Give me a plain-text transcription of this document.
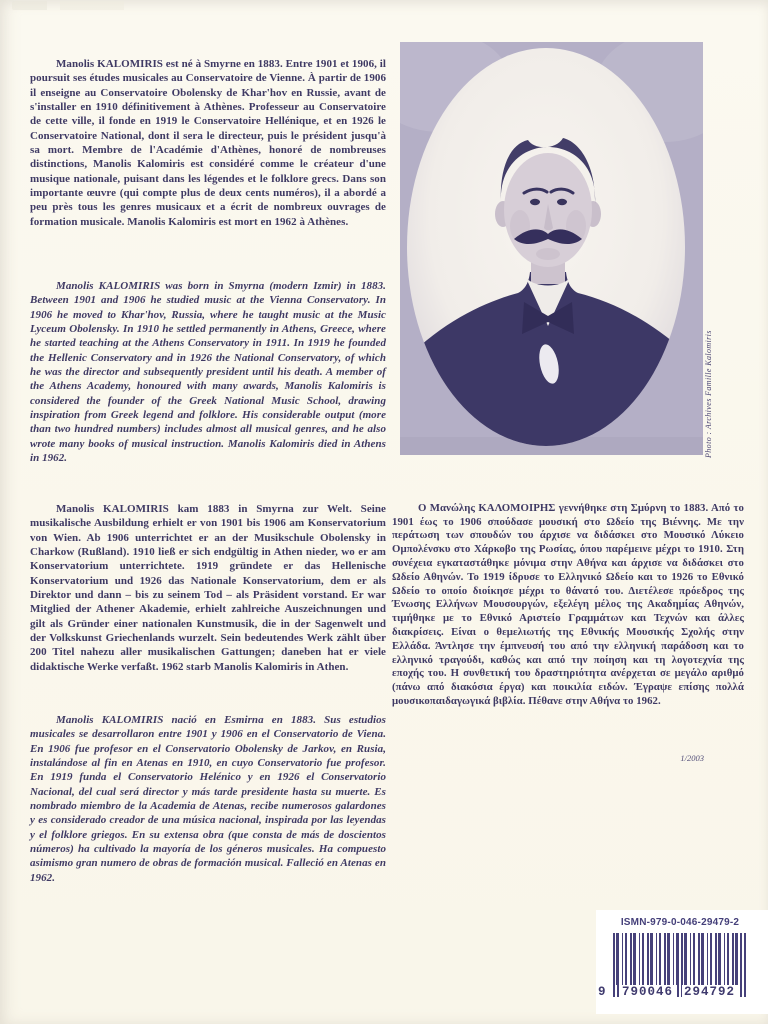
Manolis KALOMIRIS est né à Smyrne en 1883. Entre 1901 et 1906, il poursuit ses études musicales au Conservatoire de Vienne. À partir de 1906 il enseigne au Conservatoire Obolensky de Khar'hov en Russie, avant de s'installer en 1910 définitivement à Athènes. Professeur au Conservatoire de cette ville, il fonde en 1919 le Conservatoire Hellénique, et en 1926 le Conservatoire National, dont il sera le directeur, puis le président jusqu'à sa mort. Membre de l'Académie d'Athènes, honoré de nombreuses distinctions, Manolis Kalomiris est considéré comme le créateur d'une musique nationale, puisant dans les légendes et le folklore grecs. Dans son importante œuvre (qui compte plus de deux cents numéros), il a abordé a peu près tous les genres musicaux et a écrit de nombreux ouvrages de formation musicale. Manolis Kalomiris est mort en 1962 à Athènes.

Manolis KALOMIRIS was born in Smyrna (modern Izmir) in 1883. Between 1901 and 1906 he studied music at the Vienna Conservatory. In 1906 he moved to Khar'hov, Russia, where he taught music at the Music Lyceum Obolensky. In 1910 he settled permanently in Athens, Greece, where he started teaching at the Athens Conservatory in 1911. In 1919 he founded the Hellenic Conservatory and in 1926 the National Conservatory, of which he was the director and subsequently president until his death. A member of the Athens Academy, honoured with many awards, Manolis Kalomiris is considered the founder of the Greek National Music School, drawing inspiration from Greek legend and folklore. His considerable output (more than two hundred numbers) includes almost all musical genres, and he also wrote many books of musical instruction. Manolis Kalomiris died in Athens in 1962.

Manolis KALOMIRIS kam 1883 in Smyrna zur Welt. Seine musikalische Ausbildung erhielt er von 1901 bis 1906 am Konservatorium von Wien. Ab 1906 unterrichtet er an der Musikschule Obolensky in Charkow (Rußland). 1910 ließ er sich endgültig in Athen nieder, wo er am Konservatorium unterrichtete. 1919 gründete er das Hellenische Konservatorium und 1926 das Nationale Konservatorium, dem er als Direktor und dann – bis zu seinem Tod – als Präsident vorstand. Er war Mitglied der Athener Akademie, erhielt zahlreiche Auszeichnungen und gilt als Gründer einer nationalen Kunstmusik, die in der Sagenwelt und der Volkskunst Griechenlands wurzelt. Sein bedeutendes Werk zählt über 200 Titel nahezu aller musikalischen Gattungen; daneben hat er viele didaktische Werke verfaßt. 1962 starb Manolis Kalomiris in Athen.

Manolis KALOMIRIS nació en Esmirna en 1883. Sus estudios musicales se desarrollaron entre 1901 y 1906 en el Conservatorio de Viena. En 1906 fue profesor en el Conservatorio Obolensky de Jarkov, en Rusia, instalándose al fin en Atenas en 1910, en cuyo Conservatorio fue profesor. En 1919 funda el Conservatorio Helénico y en 1926 el Conservatorio Nacional, del cual será director y más tarde presidente hasta su muerte. Es nombrado miembro de la Academia de Atenas, recibe numerosos galardones y es considerado creador de una música nacional, inspirada por las leyendas y el folklore griegos. En su extensa obra (que consta de más de doscientos números) ha cultivado la mayoría de los géneros musicales. Ha compuesto asimismo gran numero de obras de formación musical. Falleció en Atenas en 1962.

Ο Μανώλης ΚΑΛΟΜΟΙΡΗΣ γεννήθηκε στη Σμύρνη το 1883. Από το 1901 έως το 1906 σπούδασε μουσική στο Ωδείο της Βιέννης. Με την περάτωση των σπουδών του άρχισε να διδάσκει στο Μουσικό Λύκειο Ομπολένσκυ στο Χάρκοβο της Ρωσίας, όπου παρέμεινε μέχρι το 1910. Στη συνέχεια εγκαταστάθηκε μόνιμα στην Αθήνα και άρχισε να διδάσκει στο Ωδείο Αθηνών. Το 1919 ίδρυσε το Ελληνικό Ωδείο και το 1926 το Εθνικό Ωδείο το οποίο διοίκησε μέχρι το θάνατό του. Διετέλεσε πρόεδρος της Ένωσης Ελλήνων Μουσουργών, εξελέγη μέλος της Ακαδημίας Αθηνών, τιμήθηκε με το Εθνικό Αριστείο Γραμμάτων και Τεχνών και άλλες διακρίσεις. Είναι ο θεμελιωτής της Εθνικής Μουσικής Σχολής στην Ελλάδα. Άντλησε την έμπνευσή του από την ελληνική παράδοση και το ελληνικό τραγούδι, καθώς και από την ποίηση και τη λογοτεχνία της εποχής του. Η συνθετική του δραστηριότητα ανέρχεται σε μεγάλο αριθμό (πάνω από διακόσια έργα) και ποικιλία ειδών. Έγραψε επίσης πολλά μουσικοπαιδαγωγικά βιβλία. Πέθανε στην Αθήνα το 1962.

1/2003
Photo : Archives Famille Kalomiris
ISMN-979-0-046-29479-2
9	790046 294792
